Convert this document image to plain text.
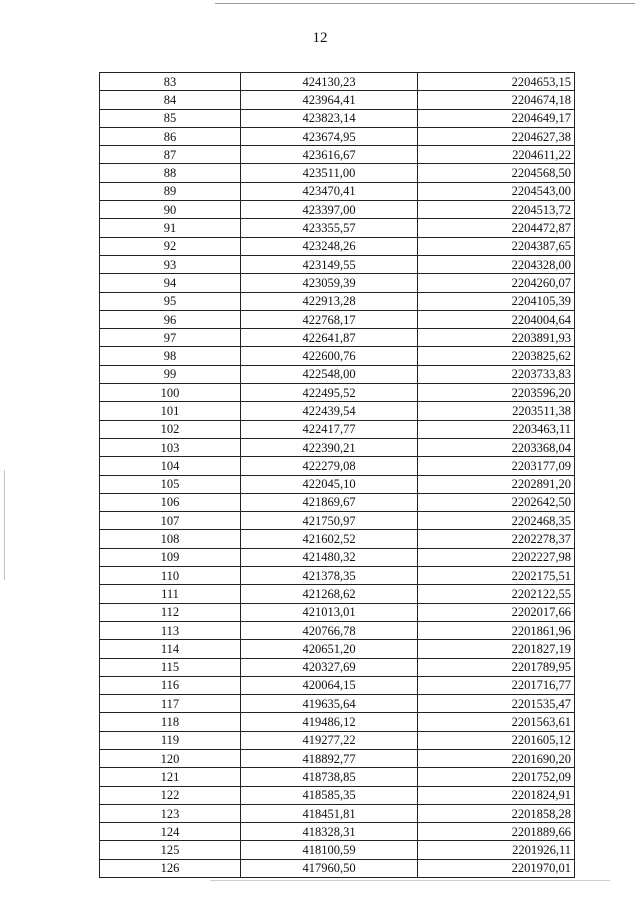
12
83	424130,23	2204653,15
84	423964,41	2204674,18
85	423823,14	2204649,17
86	423674,95	2204627,38
87	423616,67	2204611,22
88	423511,00	2204568,50
89	423470,41	2204543,00
90	423397,00	2204513,72
91	423355,57	2204472,87
92	423248,26	2204387,65
93	423149,55	2204328,00
94	423059,39	2204260,07
95	422913,28	2204105,39
96	422768,17	2204004,64
97	422641,87	2203891,93
98	422600,76	2203825,62
99	422548,00	2203733,83
100	422495,52	2203596,20
101	422439,54	2203511,38
102	422417,77	2203463,11
103	422390,21	2203368,04
104	422279,08	2203177,09
105	422045,10	2202891,20
106	421869,67	2202642,50
107	421750,97	2202468,35
108	421602,52	2202278,37
109	421480,32	2202227,98
110	421378,35	2202175,51
111	421268,62	2202122,55
112	421013,01	2202017,66
113	420766,78	2201861,96
114	420651,20	2201827,19
115	420327,69	2201789,95
116	420064,15	2201716,77
117	419635,64	2201535,47
118	419486,12	2201563,61
119	419277,22	2201605,12
120	418892,77	2201690,20
121	418738,85	2201752,09
122	418585,35	2201824,91
123	418451,81	2201858,28
124	418328,31	2201889,66
125	418100,59	2201926,11
126	417960,50	2201970,01
